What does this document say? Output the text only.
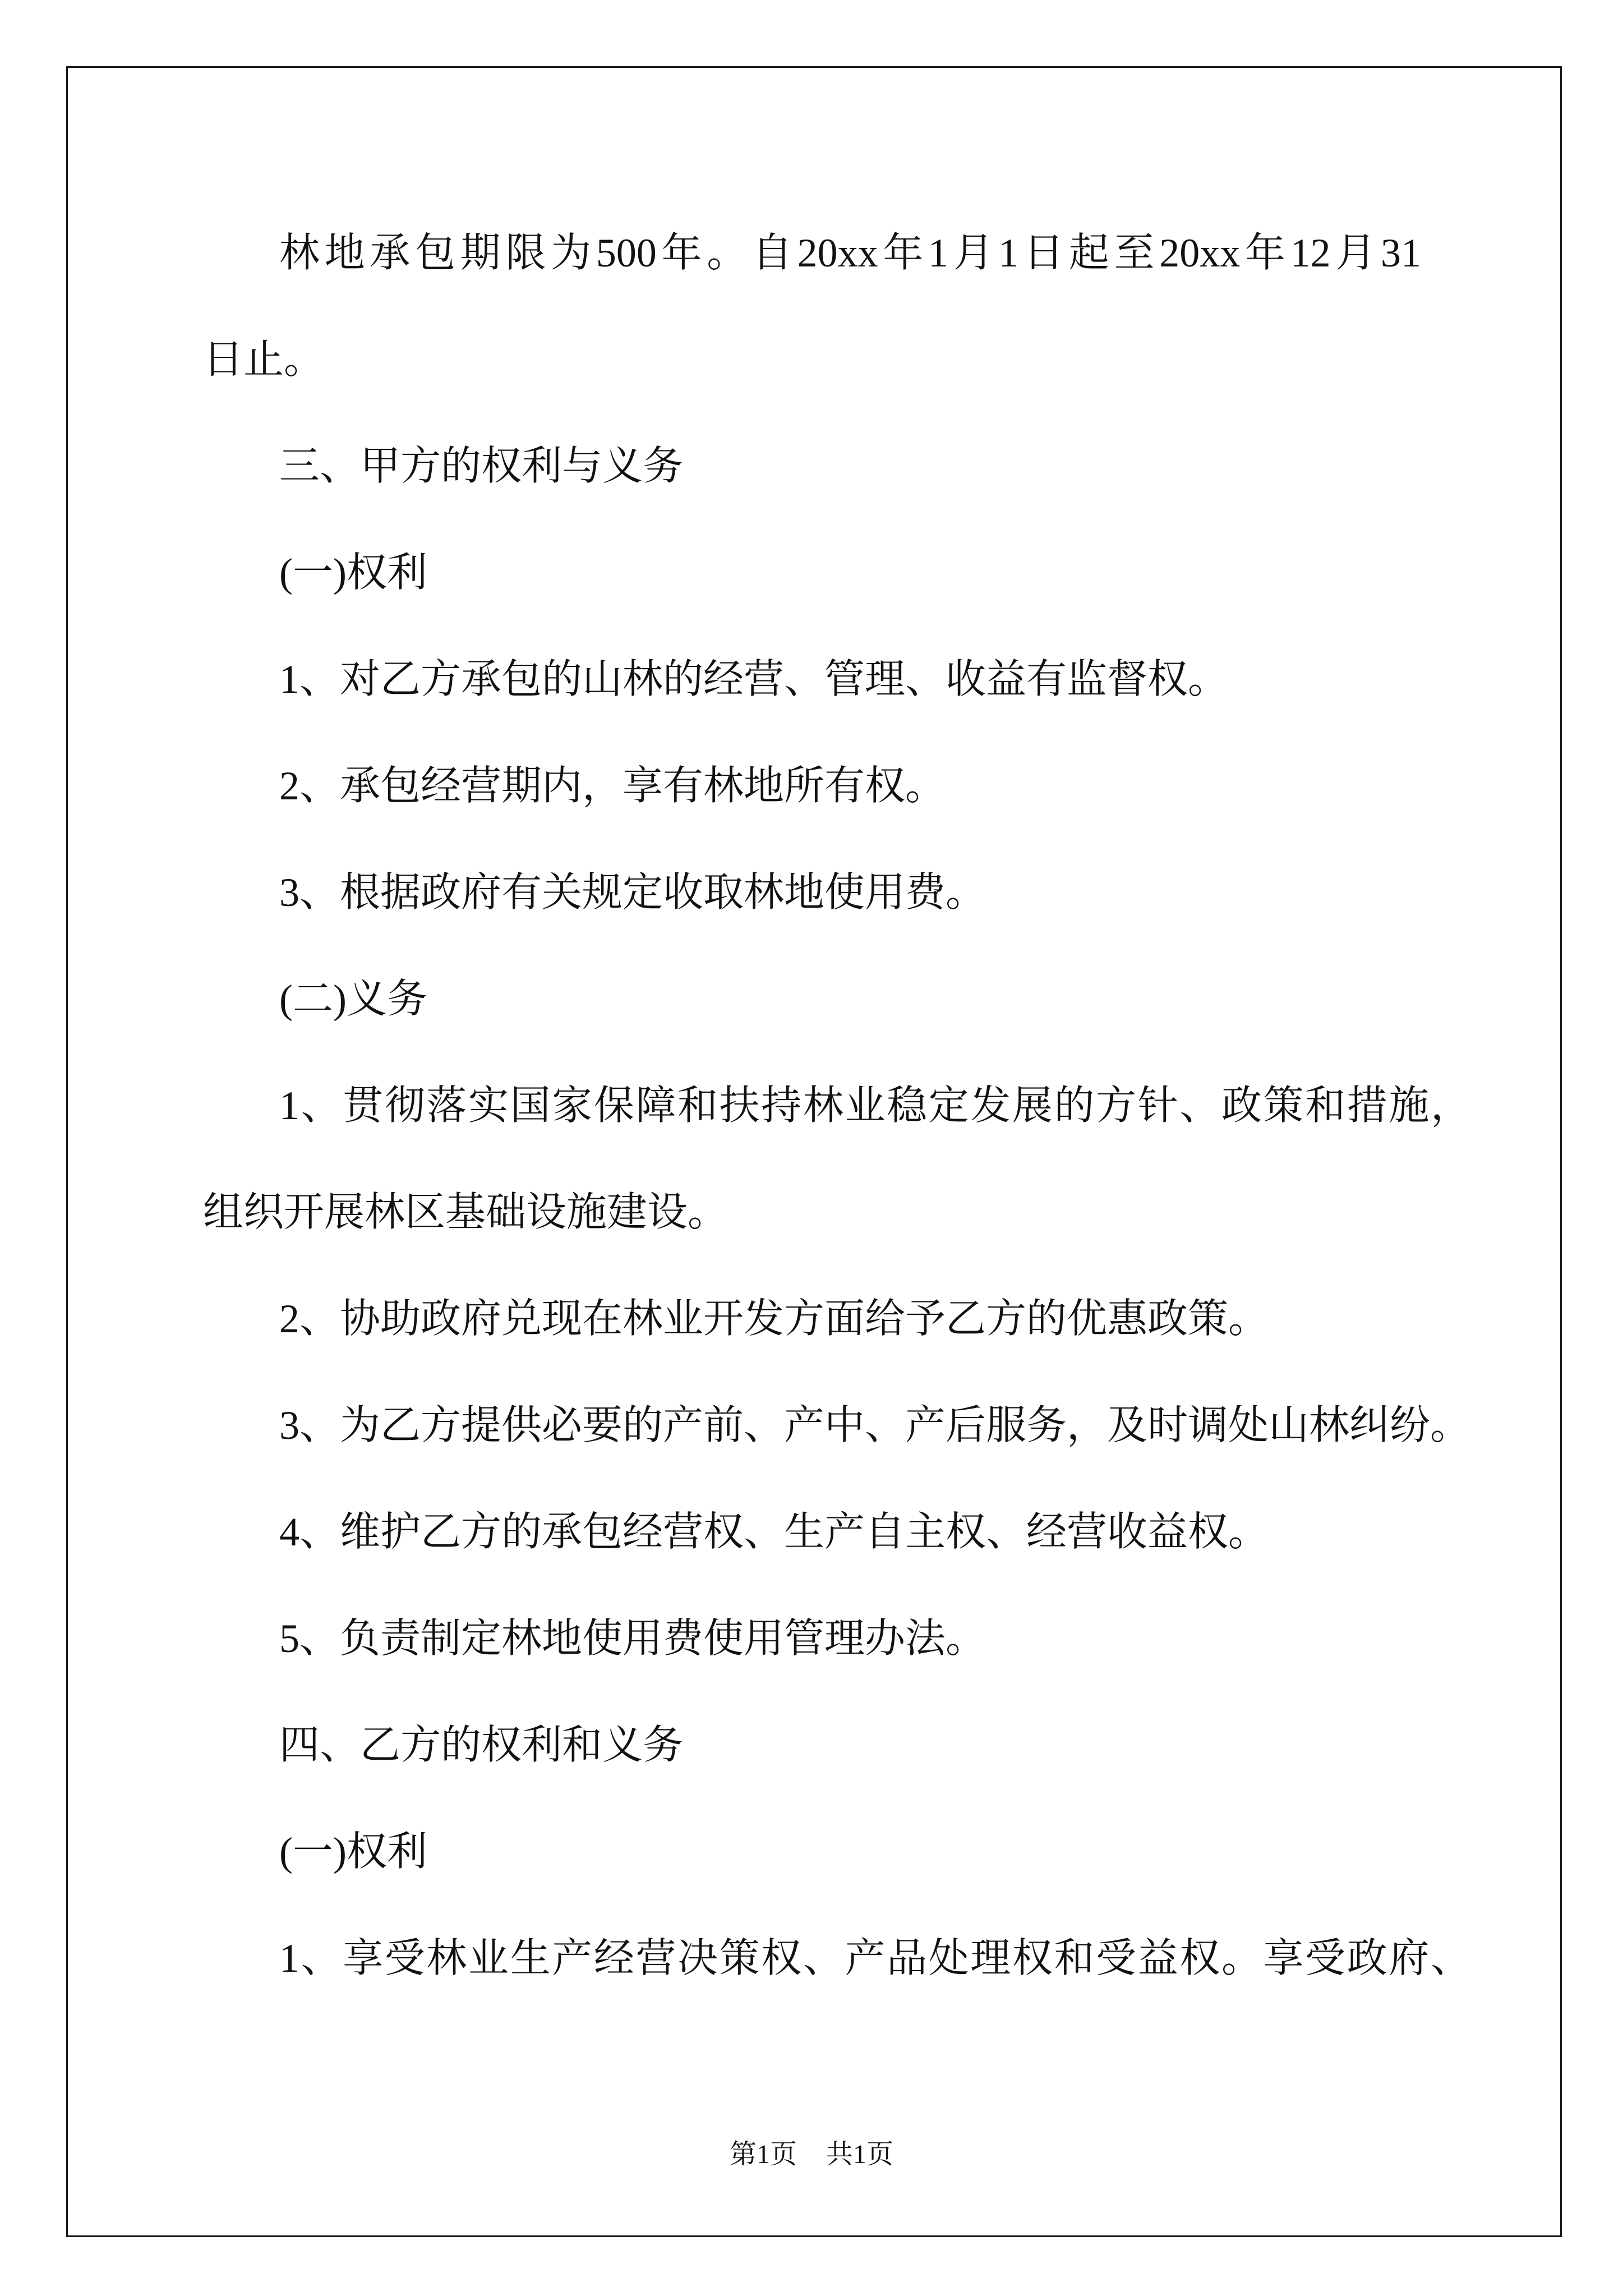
林地承包期限为500年。自20xx年1月1日起至20xx年12月31
日止。
三、甲方的权利与义务
(一)权利
1、对乙方承包的山林的经营、管理、收益有监督权。
2、承包经营期内，享有林地所有权。
3、根据政府有关规定收取林地使用费。
(二)义务
1、贯彻落实国家保障和扶持林业稳定发展的方针、政策和措施，
组织开展林区基础设施建设。
2、协助政府兑现在林业开发方面给予乙方的优惠政策。
3、为乙方提供必要的产前、产中、产后服务，及时调处山林纠纷。
4、维护乙方的承包经营权、生产自主权、经营收益权。
5、负责制定林地使用费使用管理办法。
四、乙方的权利和义务
(一)权利
1、享受林业生产经营决策权、产品处理权和受益权。享受政府、
第1页 共1页
